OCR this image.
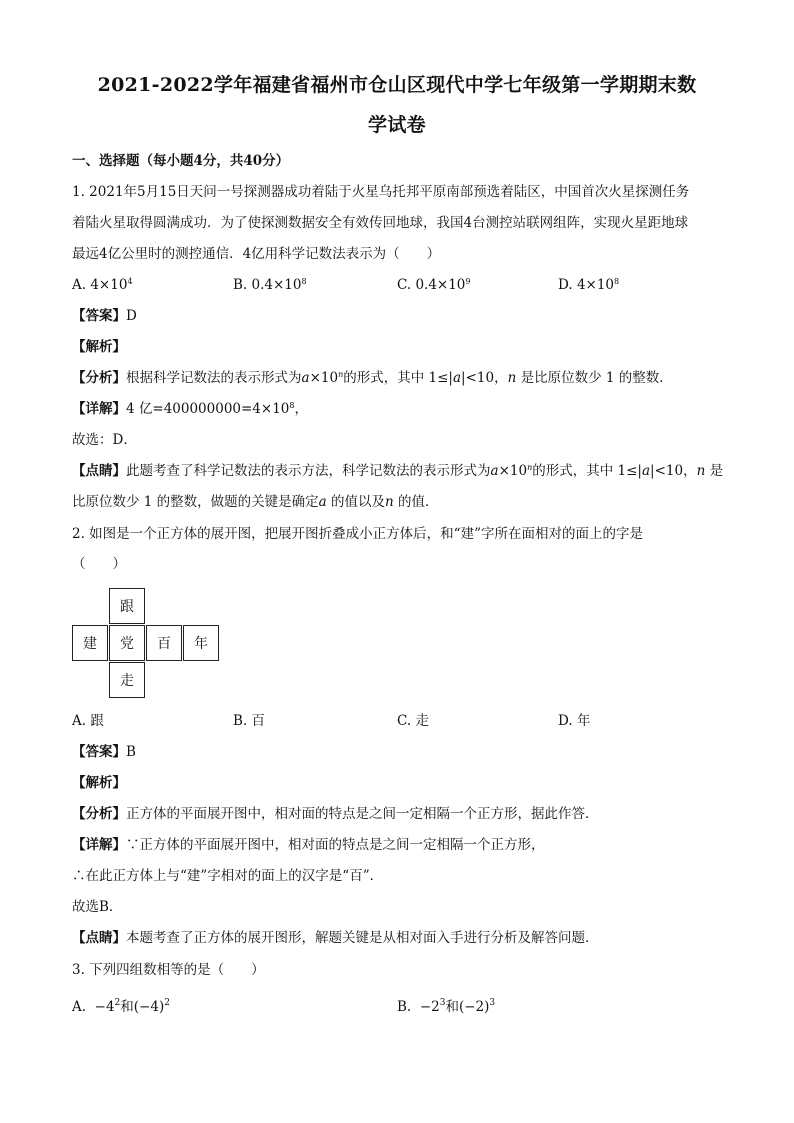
2021-2022学年福建省福州市仓山区现代中学七年级第一学期期末数
学试卷
一、选择题（每小题4分，共40分）
1. 2021年5月15日天问一号探测器成功着陆于火星乌托邦平原南部预选着陆区，中国首次火星探测任务
着陆火星取得圆满成功．为了使探测数据安全有效传回地球，我国4台测控站联网组阵，实现火星距地球
最远4亿公里时的测控通信．4亿用科学记数法表示为（　　）
A. $4\times 10^4$	B. $0.4\times 10^8$	C. $0.4\times 10^9$	D. $4\times 10^8$
【答案】D
【解析】
【分析】根据科学记数法的表示形式为$a\times 10^n$的形式，其中 1≤|a|<10，n 是比原位数少 1 的整数．
【详解】4 亿$=400000000=4\times 10^8$，
故选：D．
【点睛】此题考查了科学记数法的表示方法，科学记数法的表示形式为$a\times 10^n$的形式，其中 1≤|a|<10，n 是
比原位数少 1 的整数，做题的关键是确定a 的值以及n 的值．
2. 如图是一个正方体的展开图，把展开图折叠成小正方体后，和“建”字所在面相对的面上的字是
（　　）
跟
建	党	百	年
走
A. 跟	B. 百	C. 走	D. 年
【答案】B
【解析】
【分析】正方体的平面展开图中，相对面的特点是之间一定相隔一个正方形，据此作答．
【详解】∵正方体的平面展开图中，相对面的特点是之间一定相隔一个正方形，
∴在此正方体上与“建”字相对的面上的汉字是“百”．
故选B．
【点睛】本题考查了正方体的展开图形，解题关键是从相对面入手进行分析及解答问题．
3. 下列四组数相等的是（　　）
A. $-4^2$和$(-4)^2$	B. $-2^3$和$(-2)^3$
